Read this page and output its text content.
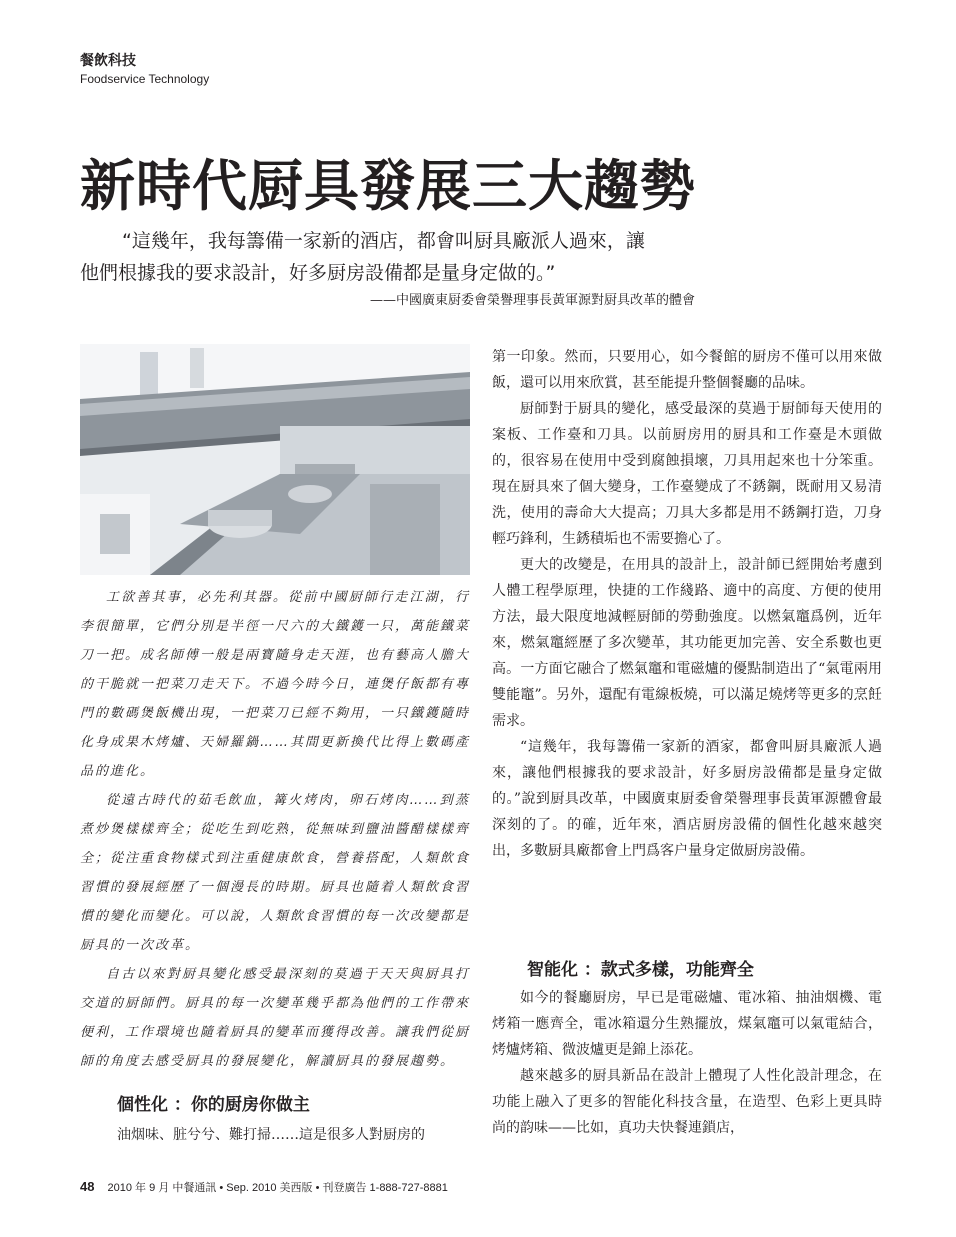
餐飲科技
Foodservice Technology
新時代厨具發展三大趨勢

“這幾年，我每籌備一家新的酒店，都會叫厨具廠派人過來，讓

他們根據我的要求設計，好多厨房設備都是量身定做的。”

——中國廣東厨委會榮譽理事長黃軍源對厨具改革的體會

工欲善其事，必先利其器。從前中國厨師行走江湖，行李很簡單，它們分別是半徑一尺六的大鐵鑊一只，萬能鐵菜刀一把。成名師傅一般是兩寶隨身走天涯，也有藝高人膽大的干脆就一把菜刀走天下。不過今時今日，連煲仔飯都有專門的數碼煲飯機出現，一把菜刀已經不夠用，一只鐵鑊隨時化身成果木烤爐、天婦羅鍋……其間更新換代比得上數碼產品的進化。

從遠古時代的茹毛飲血，篝火烤肉，卵石烤肉……到蒸煮炒煲樣樣齊全；從吃生到吃熟，從無味到鹽油醬醋樣樣齊全；從注重食物樣式到注重健康飲食，營養搭配，人類飲食習慣的發展經歷了一個漫長的時期。厨具也隨着人類飲食習慣的變化而變化。可以說，人類飲食習慣的每一次改變都是厨具的一次改革。

自古以來對厨具變化感受最深刻的莫過于天天與厨具打交道的厨師們。厨具的每一次變革幾乎都為他們的工作帶來便利，工作環境也隨着厨具的變革而獲得改善。讓我們從厨師的角度去感受厨具的發展變化，解讀厨具的發展趨勢。

個性化 ：你的厨房你做主
油烟味、脏兮兮、難打掃……這是很多人對厨房的

第一印象。然而，只要用心，如今餐館的厨房不僅可以用來做飯，還可以用來欣賞，甚至能提升整個餐廳的品味。

厨師對于厨具的變化，感受最深的莫過于厨師每天使用的案板、工作臺和刀具。以前厨房用的厨具和工作臺是木頭做的，很容易在使用中受到腐蝕損壞，刀具用起來也十分笨重。現在厨具來了個大變身，工作臺變成了不銹鋼，既耐用又易清洗，使用的壽命大大提高；刀具大多都是用不銹鋼打造，刀身輕巧鋒利，生銹積垢也不需要擔心了。

更大的改變是，在用具的設計上，設計師已經開始考慮到人體工程學原理，快捷的工作綫路、適中的高度、方便的使用方法，最大限度地減輕厨師的勞動強度。以燃氣竈爲例，近年來，燃氣竈經歷了多次變革，其功能更加完善、安全系數也更高。一方面它融合了燃氣竈和電磁爐的優點制造出了“氣電兩用雙能竈”。另外，還配有電線板燒，可以滿足燒烤等更多的烹飪需求。

“這幾年，我每籌備一家新的酒家，都會叫厨具廠派人過來，讓他們根據我的要求設計，好多厨房設備都是量身定做的。”說到厨具改革，中國廣東厨委會榮譽理事長黃軍源體會最深刻的了。的確，近年來，酒店厨房設備的個性化越來越突出，多數厨具廠都會上門爲客户量身定做厨房設備。

智能化 ：款式多樣，功能齊全

如今的餐廳厨房，早已是電磁爐、電冰箱、抽油烟機、電烤箱一應齊全，電冰箱還分生熟擺放，煤氣竈可以氣電結合，烤爐烤箱、微波爐更是錦上添花。

越來越多的厨具新品在設計上體現了人性化設計理念，在功能上融入了更多的智能化科技含量，在造型、色彩上更具時尚的韵味——比如，真功夫快餐連鎖店，

48 2010 年 9 月 中餐通訊 • Sep. 2010 美西版 • 刊登廣告 1-888-727-8881
